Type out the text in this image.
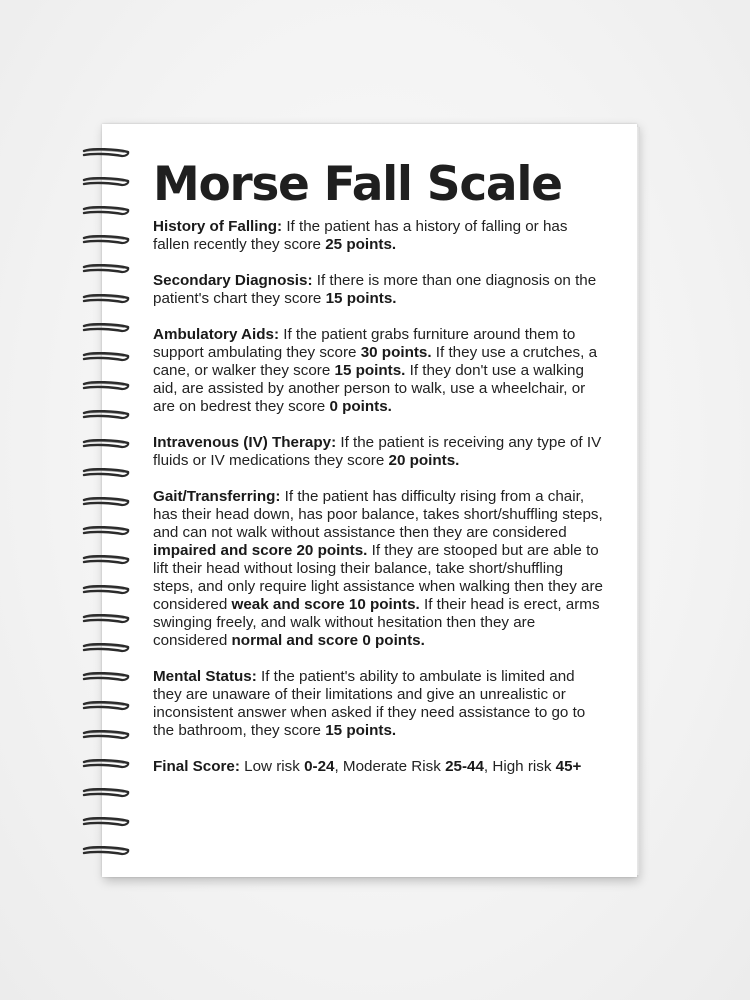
Morse Fall Scale

History of Falling: If the patient has a history of falling or has fallen recently they score 25 points.

Secondary Diagnosis: If there is more than one diagnosis on the patient's chart they score 15 points.

Ambulatory Aids: If the patient grabs furniture around them to support ambulating they score 30 points. If they use a crutches, a cane, or walker they score 15 points. If they don't use a walking aid, are assisted by another person to walk, use a wheelchair, or are on bedrest they score 0 points.

Intravenous (IV) Therapy: If the patient is receiving any type of IV fluids or IV medications they score 20 points.

Gait/Transferring: If the patient has difficulty rising from a chair, has their head down, has poor balance, takes short/shuffling steps, and can not walk without assistance then they are considered impaired and score 20 points. If they are stooped but are able to lift their head without losing their balance, take short/shuffling steps, and only require light assistance when walking then they are considered weak and score 10 points. If their head is erect, arms swinging freely, and walk without hesitation then they are considered normal and score 0 points.

Mental Status: If the patient's ability to ambulate is limited and they are unaware of their limitations and give an unrealistic or inconsistent answer when asked if they need assistance to go to the bathroom, they score 15 points.

Final Score: Low risk 0-24, Moderate Risk 25-44, High risk 45+
